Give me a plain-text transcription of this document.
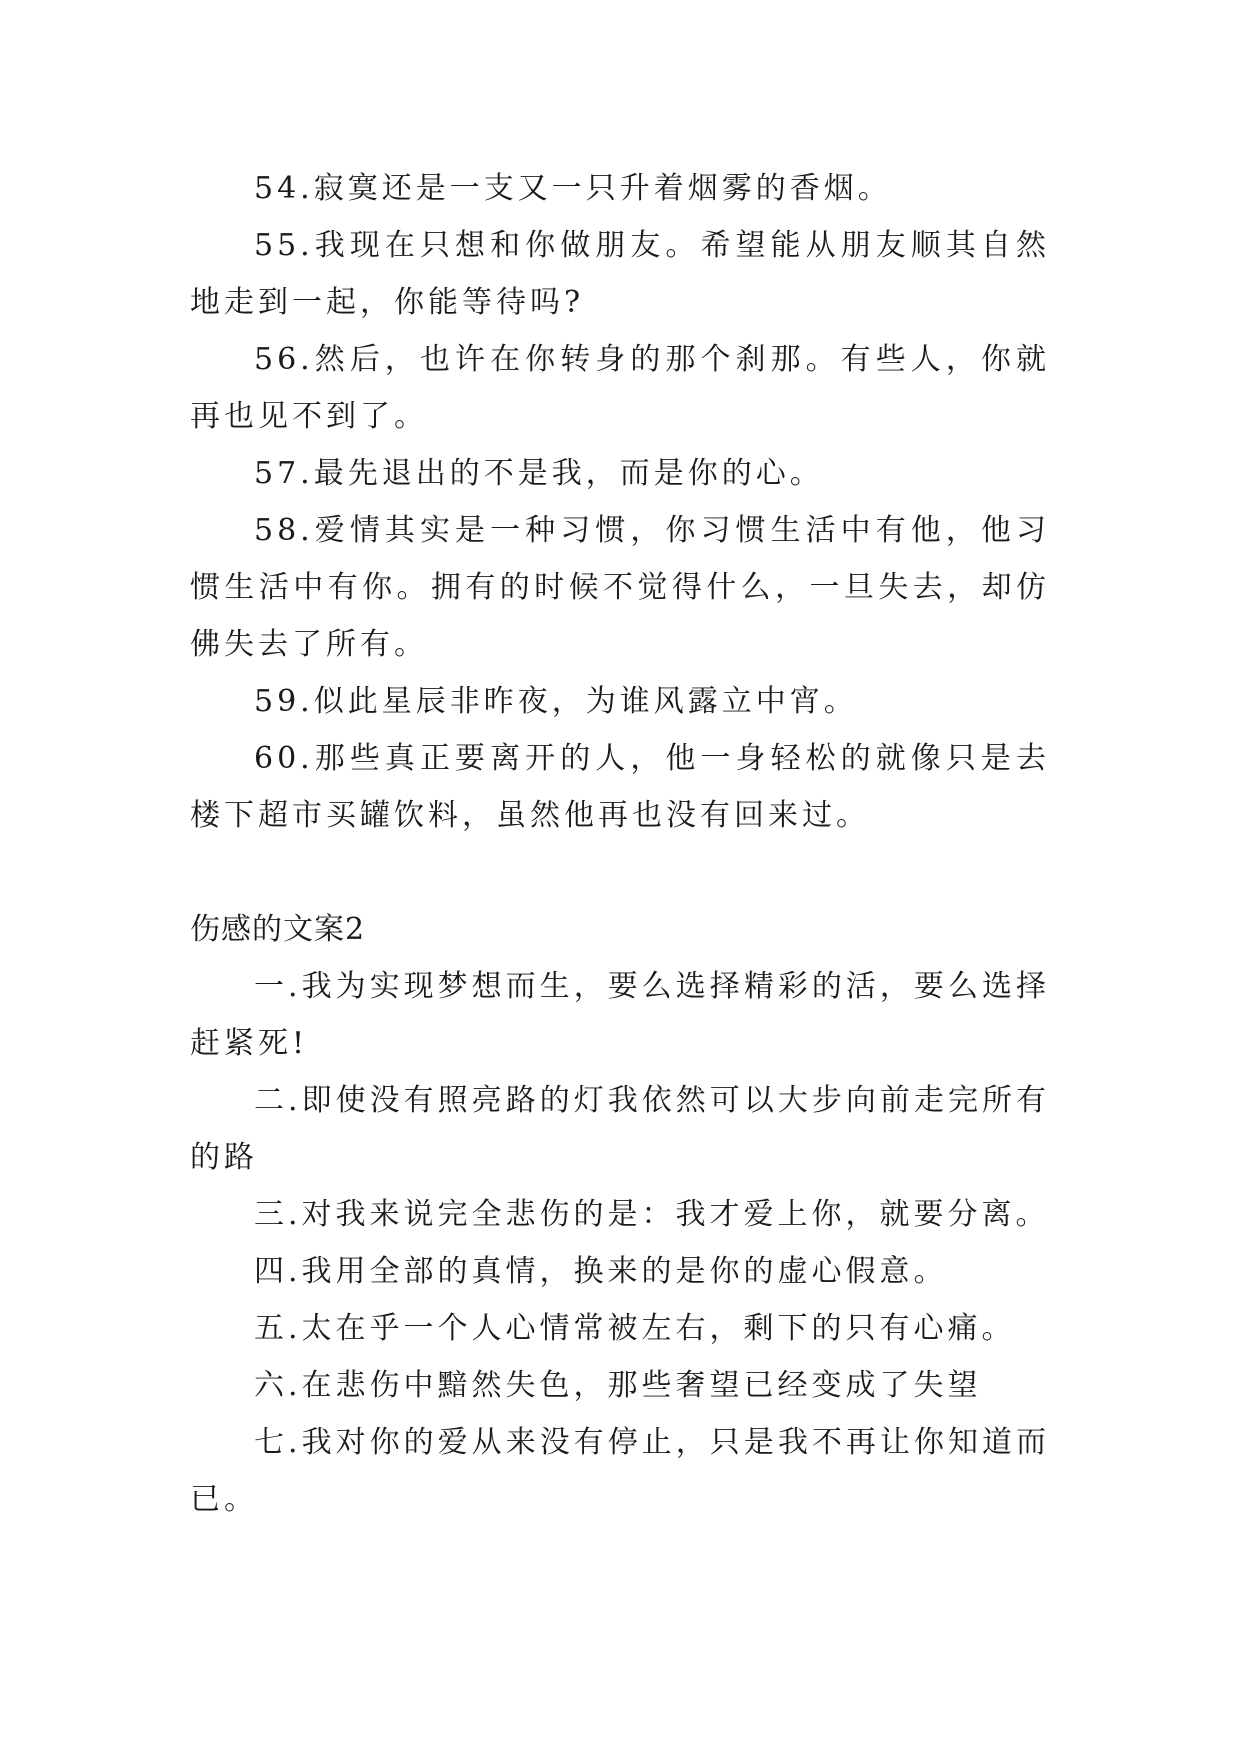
54.寂寞还是一支又一只升着烟雾的香烟。

55.我现在只想和你做朋友。希望能从朋友顺其自然地走到一起，你能等待吗?

56.然后，也许在你转身的那个刹那。有些人，你就再也见不到了。

57.最先退出的不是我，而是你的心。

58.爱情其实是一种习惯，你习惯生活中有他，他习惯生活中有你。拥有的时候不觉得什么，一旦失去，却仿佛失去了所有。

59.似此星辰非昨夜，为谁风露立中宵。

60.那些真正要离开的人，他一身轻松的就像只是去楼下超市买罐饮料，虽然他再也没有回来过。

伤感的文案2

一.我为实现梦想而生，要么选择精彩的活，要么选择赶紧死!

二.即使没有照亮路的灯我依然可以大步向前走完所有的路

三.对我来说完全悲伤的是：我才爱上你，就要分离。

四.我用全部的真情，换来的是你的虚心假意。

五.太在乎一个人心情常被左右，剩下的只有心痛。

六.在悲伤中黯然失色，那些奢望已经变成了失望

七.我对你的爱从来没有停止，只是我不再让你知道而已。
